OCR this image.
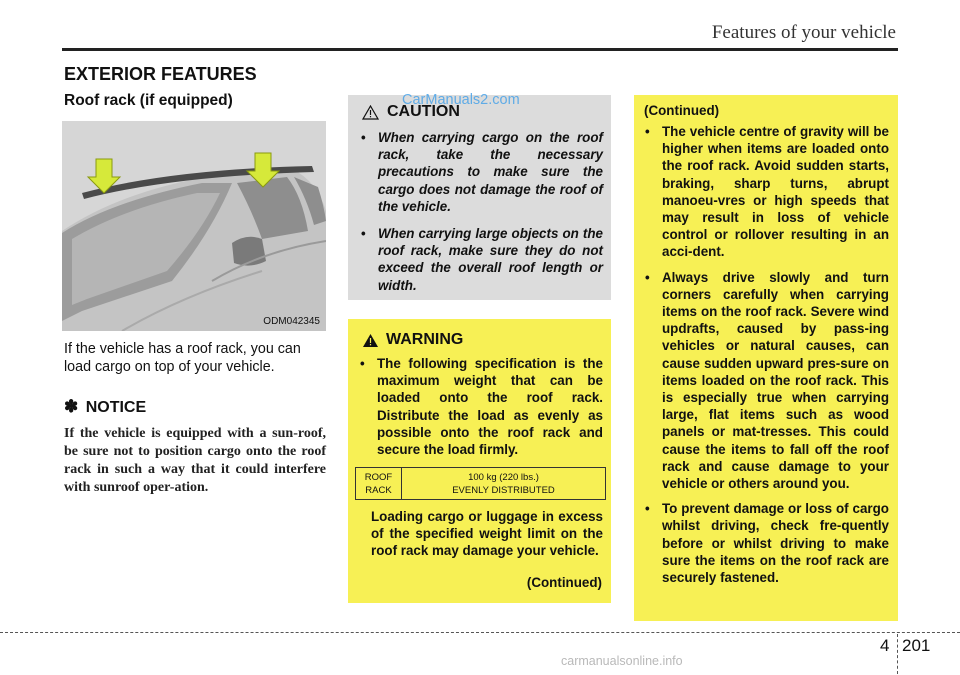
Features of your vehicle
EXTERIOR FEATURES
Roof rack (if equipped)
ODM042345
If the vehicle has a roof rack, you can load cargo on top of your vehicle.
✽ NOTICE
If the vehicle is equipped with a sun-roof, be sure not to position cargo onto the roof rack in such a way that it could interfere with sunroof oper-ation.
CAUTION
• When carrying cargo on the roof rack, take the necessary precautions to make sure the cargo does not damage the roof of the vehicle.
• When carrying large objects on the roof rack, make sure they do not exceed the overall roof length or width.
CarManuals2.com
WARNING
• The following specification is the maximum weight that can be loaded onto the roof rack. Distribute the load as evenly as possible onto the roof rack and secure the load firmly.
Loading cargo or luggage in excess of the specified weight limit on the roof rack may damage your vehicle.
(Continued)
ROOF
RACK
100 kg (220 lbs.)
EVENLY DISTRIBUTED
(Continued)
• The vehicle centre of gravity will be higher when items are loaded onto the roof rack. Avoid sudden starts, braking, sharp turns, abrupt manoeu-vres or high speeds that may result in loss of vehicle control or rollover resulting in an acci-dent.
• Always drive slowly and turn corners carefully when carrying items on the roof rack. Severe wind updrafts, caused by pass-ing vehicles or natural causes, can cause sudden upward pres-sure on items loaded on the roof rack. This is especially true when carrying large, flat items such as wood panels or mat-tresses. This could cause the items to fall off the roof rack and cause damage to your vehicle or others around you.
• To prevent damage or loss of cargo whilst driving, check fre-quently before or whilst driving to make sure the items on the roof rack are securely fastened.
4 201
carmanualsonline.info
